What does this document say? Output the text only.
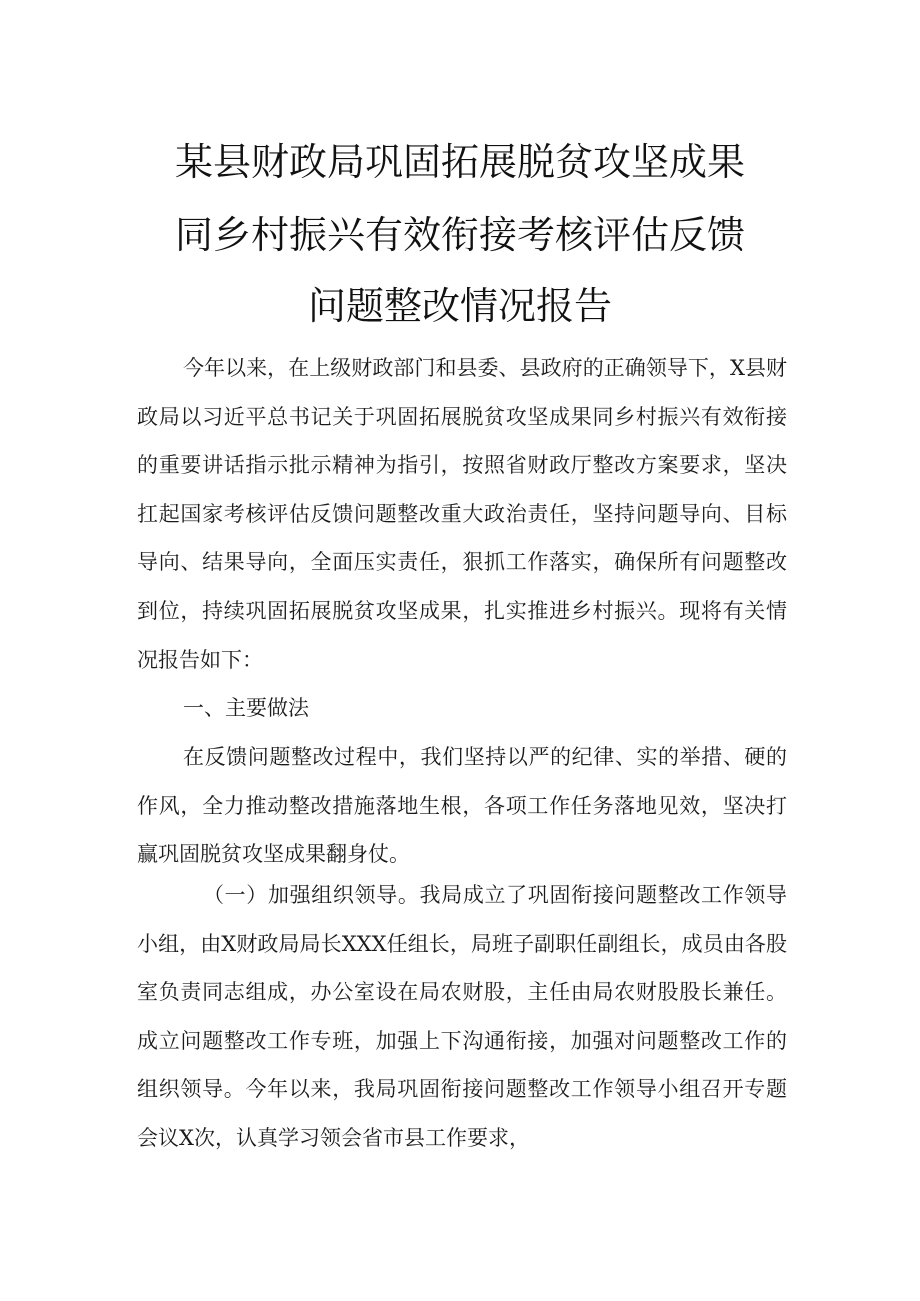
某县财政局巩固拓展脱贫攻坚成果
同乡村振兴有效衔接考核评估反馈
问题整改情况报告

今年以来，在上级财政部门和县委、县政府的正确领导下，X县财政局以习近平总书记关于巩固拓展脱贫攻坚成果同乡村振兴有效衔接的重要讲话指示批示精神为指引，按照省财政厅整改方案要求，坚决扛起国家考核评估反馈问题整改重大政治责任，坚持问题导向、目标导向、结果导向，全面压实责任，狠抓工作落实，确保所有问题整改到位，持续巩固拓展脱贫攻坚成果，扎实推进乡村振兴。现将有关情况报告如下：

一、主要做法

在反馈问题整改过程中，我们坚持以严的纪律、实的举措、硬的作风，全力推动整改措施落地生根，各项工作任务落地见效，坚决打赢巩固脱贫攻坚成果翻身仗。

（一）加强组织领导。我局成立了巩固衔接问题整改工作领导小组，由X财政局局长XXX任组长，局班子副职任副组长，成员由各股室负责同志组成，办公室设在局农财股，主任由局农财股股长兼任。成立问题整改工作专班，加强上下沟通衔接，加强对问题整改工作的组织领导。今年以来，我局巩固衔接问题整改工作领导小组召开专题会议X次，认真学习领会省市县工作要求，
